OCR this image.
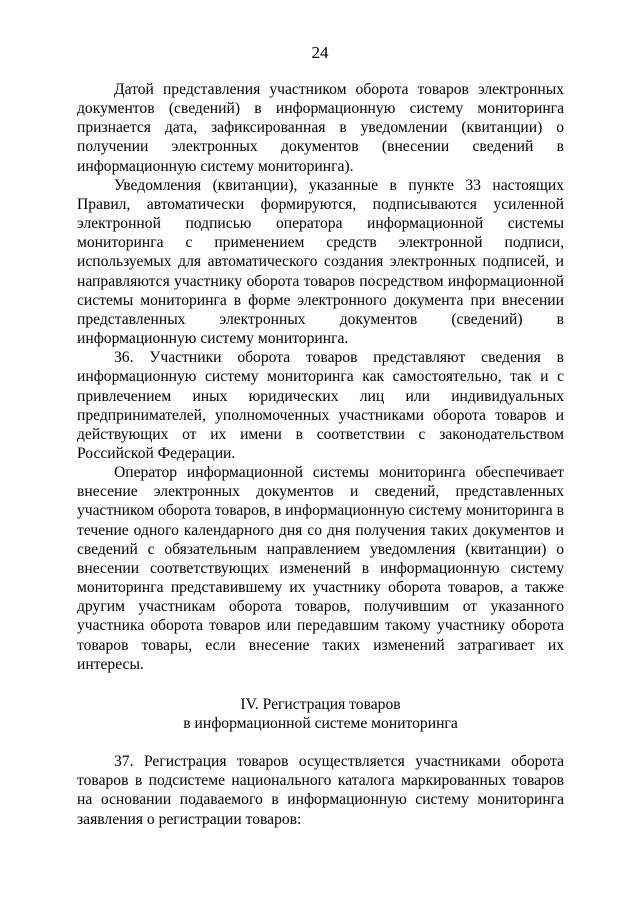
24

Датой представления участником оборота товаров электронных документов (сведений) в информационную систему мониторинга признается дата, зафиксированная в уведомлении (квитанции) о получении электронных документов (внесении сведений в информационную систему мониторинга).

Уведомления (квитанции), указанные в пункте 33 настоящих Правил, автоматически формируются, подписываются усиленной электронной подписью оператора информационной системы мониторинга с применением средств электронной подписи, используемых для автоматического создания электронных подписей, и направляются участнику оборота товаров посредством информационной системы мониторинга в форме электронного документа при внесении представленных электронных документов (сведений) в информационную систему мониторинга.

36. Участники оборота товаров представляют сведения в информационную систему мониторинга как самостоятельно, так и с привлечением иных юридических лиц или индивидуальных предпринимателей, уполномоченных участниками оборота товаров и действующих от их имени в соответствии с законодательством Российской Федерации.

Оператор информационной системы мониторинга обеспечивает внесение электронных документов и сведений, представленных участником оборота товаров, в информационную систему мониторинга в течение одного календарного дня со дня получения таких документов и сведений с обязательным направлением уведомления (квитанции) о внесении соответствующих изменений в информационную систему мониторинга представившему их участнику оборота товаров, а также другим участникам оборота товаров, получившим от указанного участника оборота товаров или передавшим такому участнику оборота товаров товары, если внесение таких изменений затрагивает их интересы.

IV. Регистрация товаров
в информационной системе мониторинга

37. Регистрация товаров осуществляется участниками оборота товаров в подсистеме национального каталога маркированных товаров на основании подаваемого в информационную систему мониторинга заявления о регистрации товаров:
